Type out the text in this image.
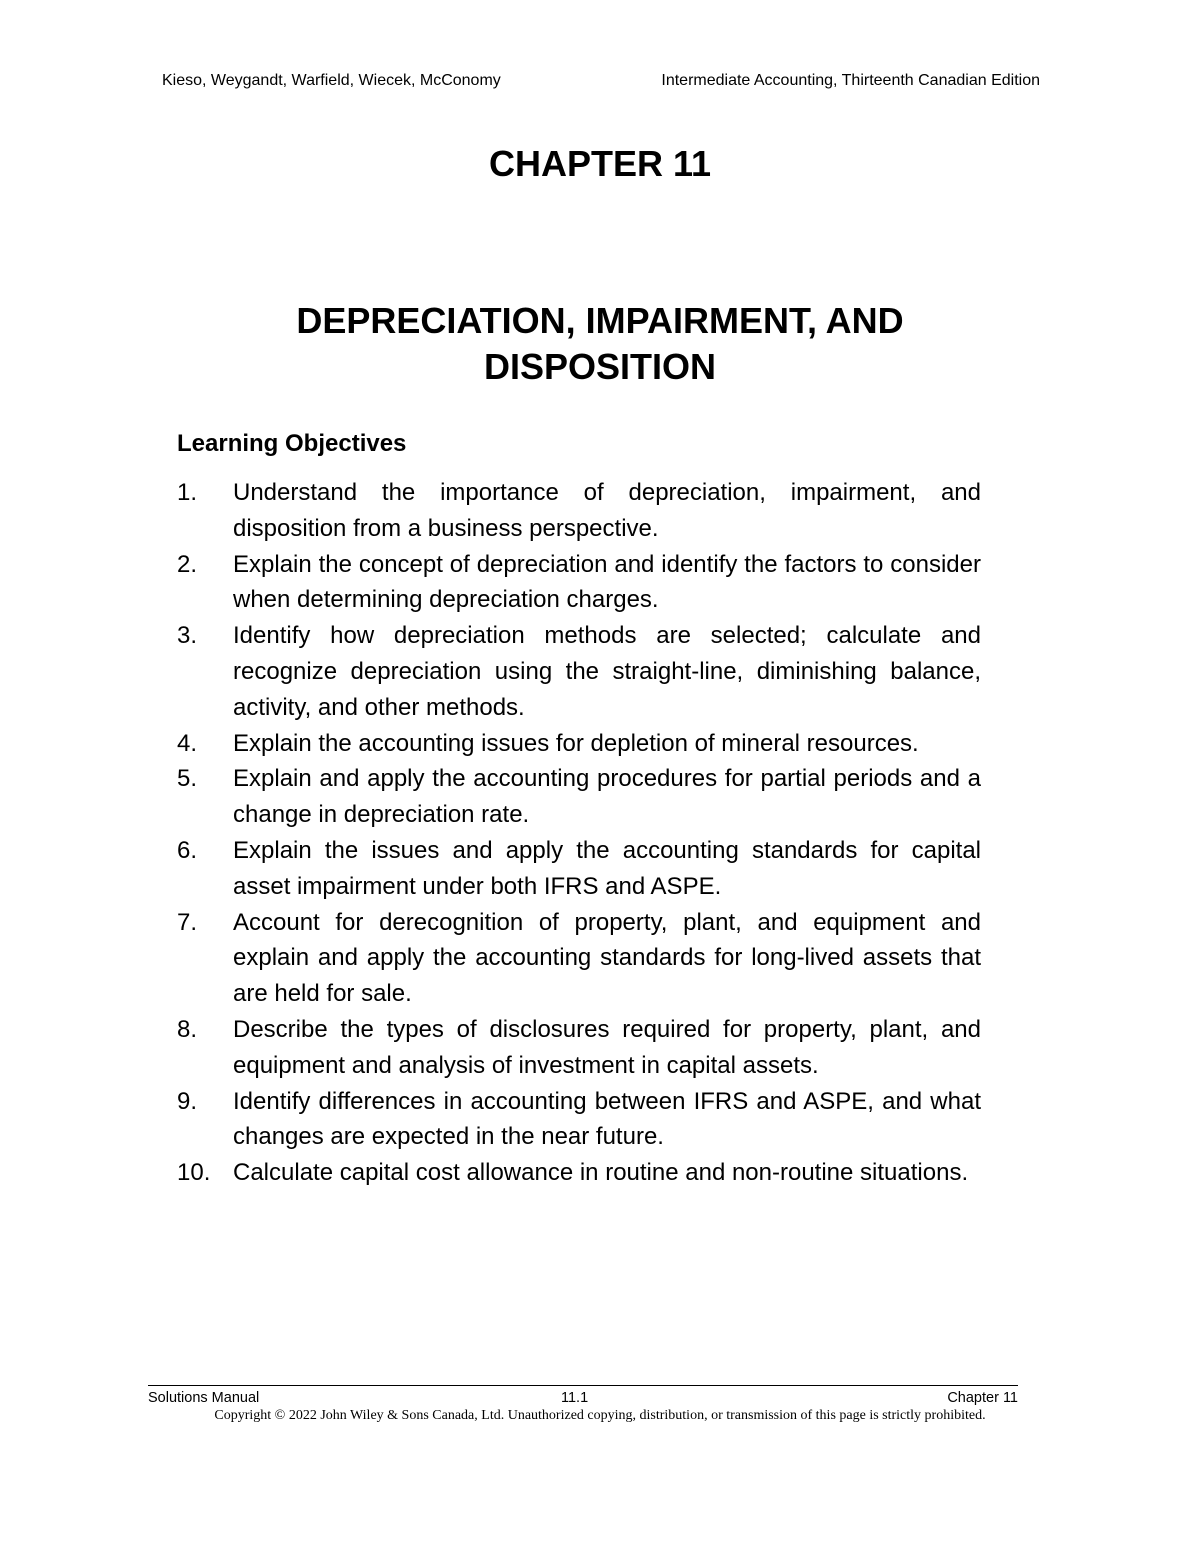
Kieso, Weygandt, Warfield, Wiecek, McConomy	Intermediate Accounting, Thirteenth Canadian Edition
CHAPTER 11
DEPRECIATION, IMPAIRMENT, AND
DISPOSITION
Learning Objectives
1.	Understand the importance of depreciation, impairment, and disposition from a business perspective.
2.	Explain the concept of depreciation and identify the factors to consider when determining depreciation charges.
3.	Identify how depreciation methods are selected; calculate and recognize depreciation using the straight-line, diminishing balance, activity, and other methods.
4.	Explain the accounting issues for depletion of mineral resources.
5.	Explain and apply the accounting procedures for partial periods and a change in depreciation rate.
6.	Explain the issues and apply the accounting standards for capital asset impairment under both IFRS and ASPE.
7.	Account for derecognition of property, plant, and equipment and explain and apply the accounting standards for long-lived assets that are held for sale.
8.	Describe the types of disclosures required for property, plant, and equipment and analysis of investment in capital assets.
9.	Identify differences in accounting between IFRS and ASPE, and what changes are expected in the near future.
10. Calculate capital cost allowance in routine and non-routine situations.
Solutions Manual	11.1	Chapter 11
Copyright © 2022 John Wiley & Sons Canada, Ltd. Unauthorized copying, distribution, or transmission of this page is strictly prohibited.
